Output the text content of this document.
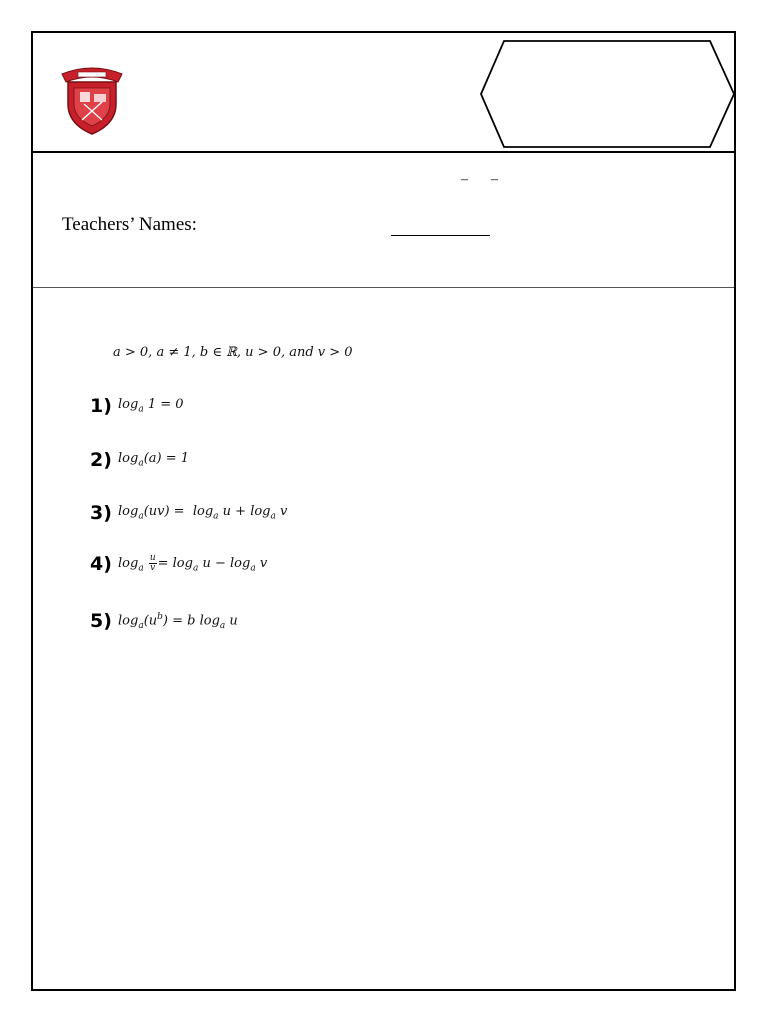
– –
Teachers’ Names:
a > 0, a ≠ 1, b ∈ ℝ, u > 0, and v > 0
1) $\log_a 1 = 0$
2) $\log_a(a) = 1$
3) $\log_a(uv) = \log_a u + \log_a v$
4) $\log_a \frac{u}{v} = \log_a u - \log_a v$
5) $\log_a(u^b) = b$ $\log_a u$
